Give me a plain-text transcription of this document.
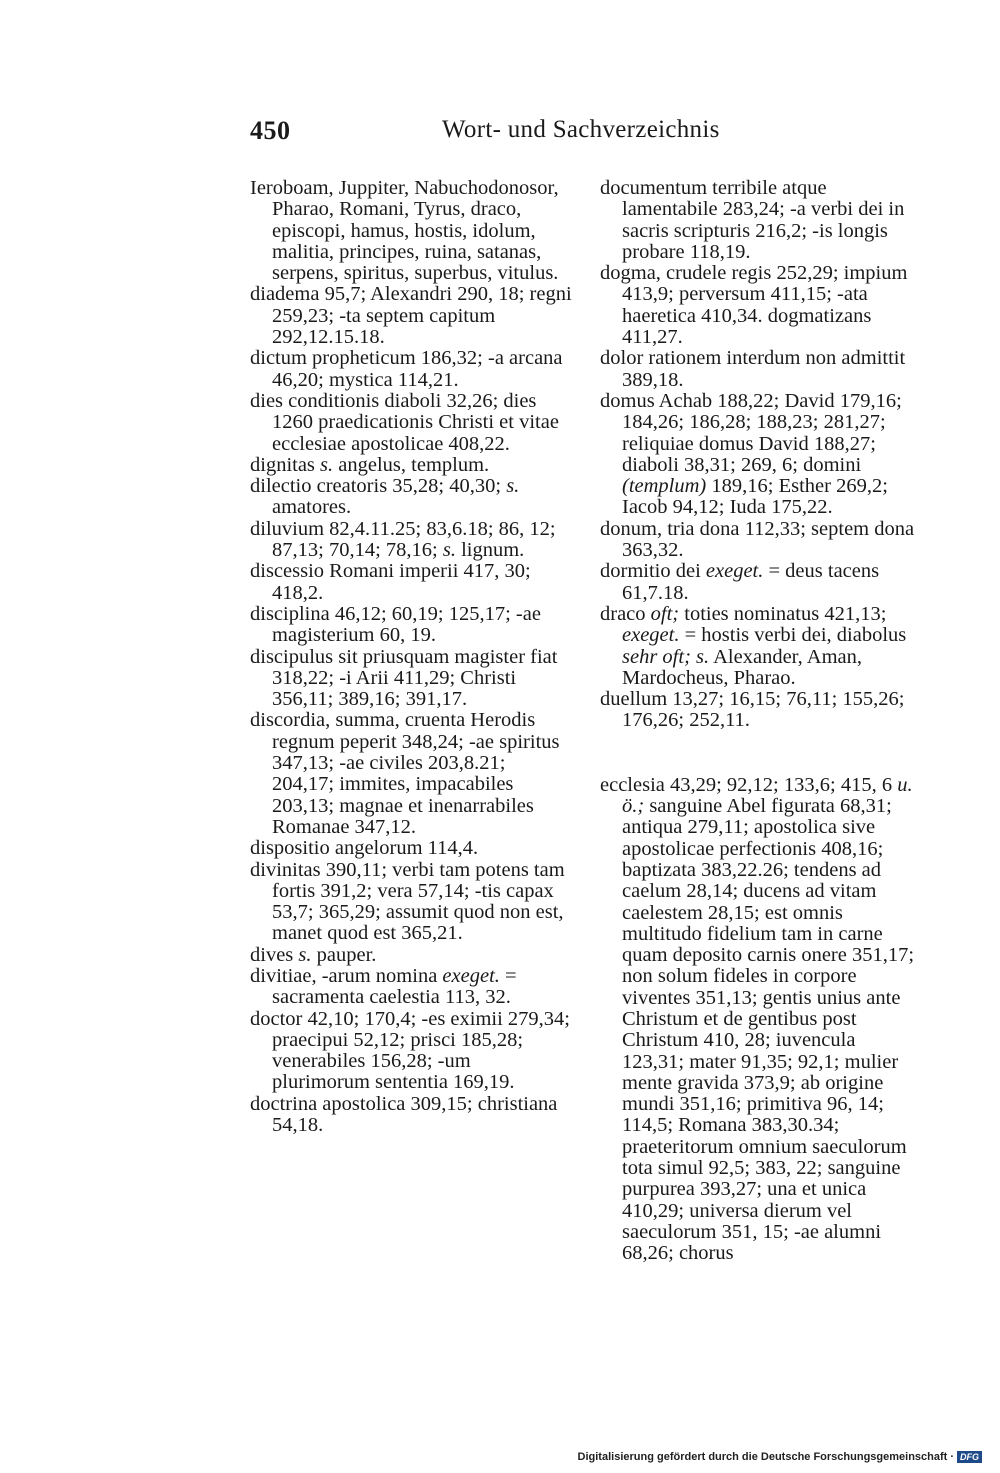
450	Wort- und Sachverzeichnis

Ieroboam, Juppiter, Nabuchodonosor, Pharao, Romani, Tyrus, draco, episcopi, hamus, hostis, idolum, malitia, principes, ruina, satanas, serpens, spiritus, superbus, vitulus.

diadema 95,7; Alexandri 290, 18; regni 259,23; -ta septem capitum 292,12.15.18.

dictum propheticum 186,32; -a arcana 46,20; mystica 114,21.

dies conditionis diaboli 32,26; dies 1260 praedicationis Christi et vitae ecclesiae apostolicae 408,22.

dignitas s. angelus, templum.

dilectio creatoris 35,28; 40,30; s. amatores.

diluvium 82,4.11.25; 83,6.18; 86, 12; 87,13; 70,14; 78,16; s. lignum.

discessio Romani imperii 417, 30; 418,2.

disciplina 46,12; 60,19; 125,17; -ae magisterium 60, 19.

discipulus sit priusquam magister fiat 318,22; -i Arii 411,29; Christi 356,11; 389,16; 391,17.

discordia, summa, cruenta Herodis regnum peperit 348,24; -ae spiritus 347,13; -ae civiles 203,8.21; 204,17; immites, impacabiles 203,13; magnae et inenarrabiles Romanae 347,12.

dispositio angelorum 114,4.

divinitas 390,11; verbi tam potens tam fortis 391,2; vera 57,14; -tis capax 53,7; 365,29; assumit quod non est, manet quod est 365,21.

dives s. pauper.

divitiae, -arum nomina exeget. = sacramenta caelestia 113, 32.

doctor 42,10; 170,4; -es eximii 279,34; praecipui 52,12; prisci 185,28; venerabiles 156,28; -um plurimorum sententia 169,19.

doctrina apostolica 309,15; christiana 54,18.

documentum terribile atque lamentabile 283,24; -a verbi dei in sacris scripturis 216,2; -is longis probare 118,19.

dogma, crudele regis 252,29; impium 413,9; perversum 411,15; -ata haeretica 410,34. dogmatizans 411,27.

dolor rationem interdum non admittit 389,18.

domus Achab 188,22; David 179,16; 184,26; 186,28; 188,23; 281,27; reliquiae domus David 188,27; diaboli 38,31; 269, 6; domini (templum) 189,16; Esther 269,2; Iacob 94,12; Iuda 175,22.

donum, tria dona 112,33; septem dona 363,32.

dormitio dei exeget. = deus tacens 61,7.18.

draco oft; toties nominatus 421,13; exeget. = hostis verbi dei, diabolus sehr oft; s. Alexander, Aman, Mardocheus, Pharao.

duellum 13,27; 16,15; 76,11; 155,26; 176,26; 252,11.

ecclesia 43,29; 92,12; 133,6; 415, 6 u. ö.; sanguine Abel figurata 68,31; antiqua 279,11; apostolica sive apostolicae perfectionis 408,16; baptizata 383,22.26; tendens ad caelum 28,14; ducens ad vitam caelestem 28,15; est omnis multitudo fidelium tam in carne quam deposito carnis onere 351,17; non solum fideles in corpore viventes 351,13; gentis unius ante Christum et de gentibus post Christum 410, 28; iuvencula 123,31; mater 91,35; 92,1; mulier mente gravida 373,9; ab origine mundi 351,16; primitiva 96, 14; 114,5; Romana 383,30.34; praeteritorum omnium saeculorum tota simul 92,5; 383, 22; sanguine purpurea 393,27; una et unica 410,29; universa dierum vel saeculorum 351, 15; -ae alumni 68,26; chorus

Digitalisierung gefördert durch die Deutsche Forschungsgemeinschaft · DFG
